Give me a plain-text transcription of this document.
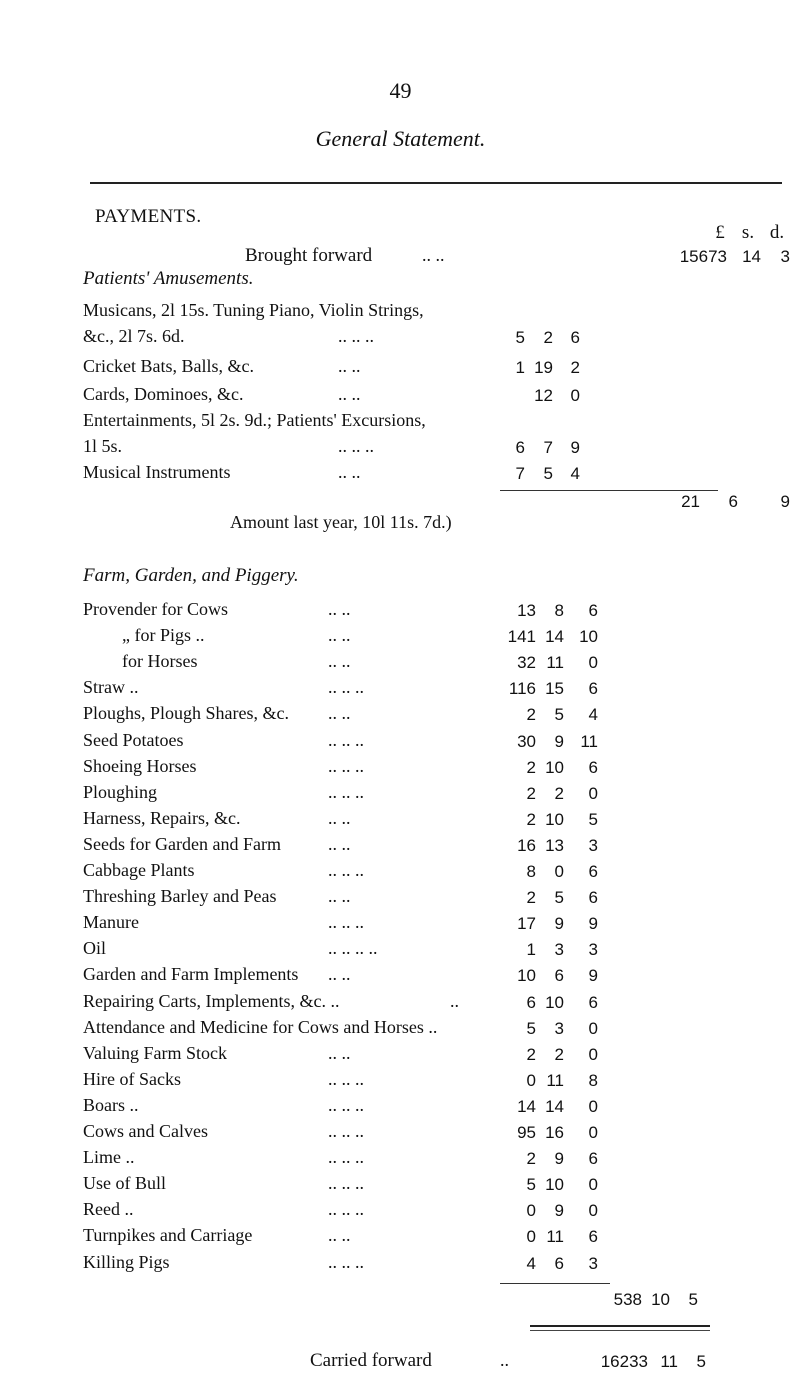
49
General Statement.
£ s. d.
PAYMENTS.
Brought forward	.. ..	15673 14	3
Patients' Amusements.
Musicans, 2l 15s. Tuning Piano, Violin Strings,
&c., 2l 7s. 6d.	.. .. ..	5	2	6
Cricket Bats, Balls, &c.	.. ..	1 19	2
Cards, Dominoes, &c.	.. ..	12	0
Entertainments, 5l 2s. 9d.; Patients' Excursions,
1l 5s.	.. .. ..	6	7	9
Musical Instruments	.. ..	7	5	4
21	6	9
Amount last year, 10l 11s. 7d.)
Farm, Garden, and Piggery.
Provender for Cows	.. ..	13	8	6
„ for Pigs ..	.. ..	141 14 10
for Horses	.. ..	32 11	0
Straw ..	.. .. ..	116 15	6
Ploughs, Plough Shares, &c. .. ..	2	5	4
Seed Potatoes	.. .. ..	30	9 11
Shoeing Horses	.. .. ..	2 10	6
Ploughing	.. .. ..	2	2	0
Harness, Repairs, &c.	.. ..	2 10	5
Seeds for Garden and Farm	.. ..	16 13	3
Cabbage Plants	.. .. ..	8	0	6
Threshing Barley and Peas	.. ..	2	5	6
Manure	.. .. ..	17	9	9
Oil	.. .. .. ..	1	3	3
Garden and Farm Implements .. ..	10	6	9
Repairing Carts, Implements, &c. ..	..	6 10	6
Attendance and Medicine for Cows and Horses ..	5	3	0
Valuing Farm Stock	.. ..	2	2	0
Hire of Sacks	.. .. ..	0 11	8
Boars ..	.. .. ..	14 14	0
Cows and Calves	.. .. ..	95 16	0
Lime ..	.. .. ..	2	9	6
Use of Bull	.. .. ..	5 10	0
Reed ..	.. .. ..	0	9	0
Turnpikes and Carriage	.. ..	0 11	6
Killing Pigs	.. .. ..	4	6	3
538 10	5
Carried forward	..	16233 11	5
